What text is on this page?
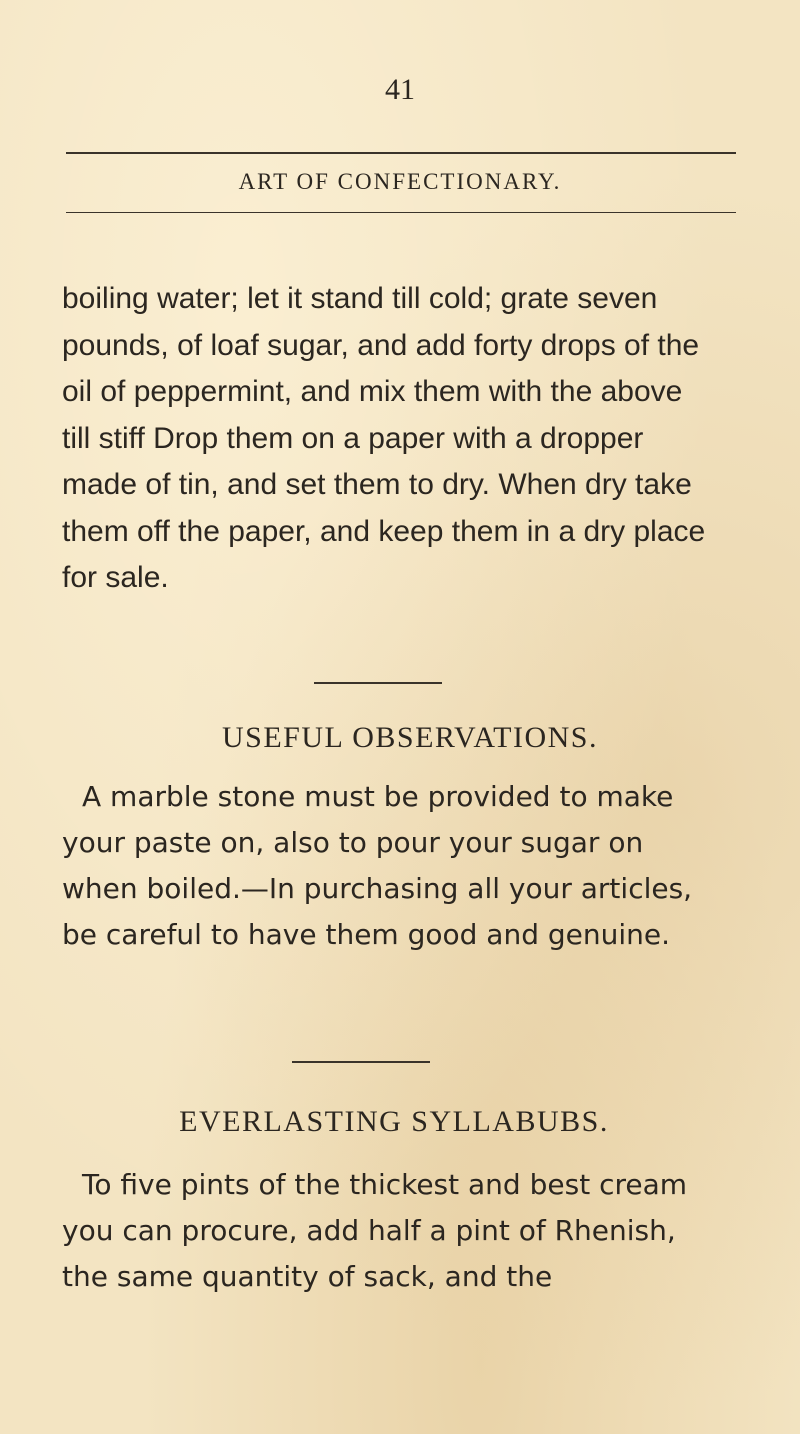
41
ART OF CONFECTIONARY.

boiling water; let it stand till cold; grate seven pounds, of loaf sugar, and add forty drops of the oil of peppermint, and mix them with the above till stiff Drop them on a paper with a dropper made of tin, and set them to dry. When dry take them off the paper, and keep them in a dry place for sale.

USEFUL OBSERVATIONS.

A marble stone must be provided to make your paste on, also to pour your sugar on when boiled.—In purchasing all your articles, be careful to have them good and genuine.

EVERLASTING SYLLABUBS.

To five pints of the thickest and best cream you can procure, add half a pint of Rhenish, the same quantity of sack, and the
